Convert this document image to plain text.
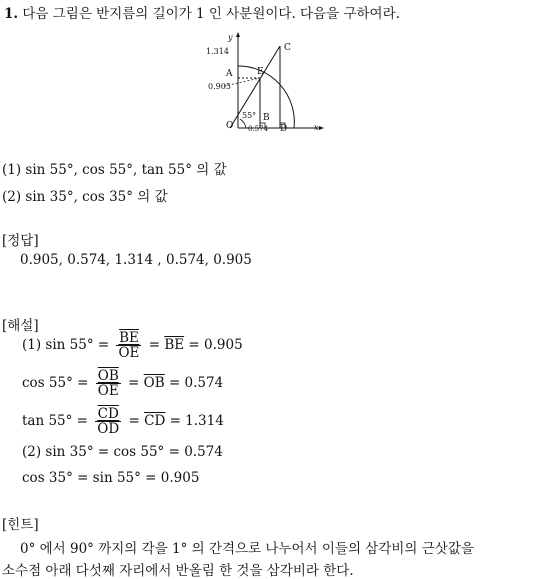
1. 다음 그림은 반지름의 길이가 1 인 사분원이다. 다음을 구하여라.
y
1.314	C
A	E
0.905
55° B
O 0.574 D	x
(1) sin 55°, cos 55°, tan 55° 의 값
(2) sin 35°, cos 35° 의 값
[정답]
0.905, 0.574, 1.314 , 0.574, 0.905
[해설]
(1) $\sin 55^\circ = \frac{\overline{BE}}{OE} = \overline{BE} = 0.905$
$\cos 55^\circ = \frac{\overline{OB}}{OE} = \overline{OB} = 0.574$
$\tan 55^\circ = \frac{\overline{CD}}{OD} = \overline{CD} = 1.314$
(2) sin 35° = cos 55° = 0.574
cos 35° = sin 55° = 0.905
[힌트]
0° 에서 90° 까지의 각을 1° 의 간격으로 나누어서 이들의 삼각비의 근삿값을
소수점 아래 다섯째 자리에서 반올림 한 것을 삼각비라 한다.
